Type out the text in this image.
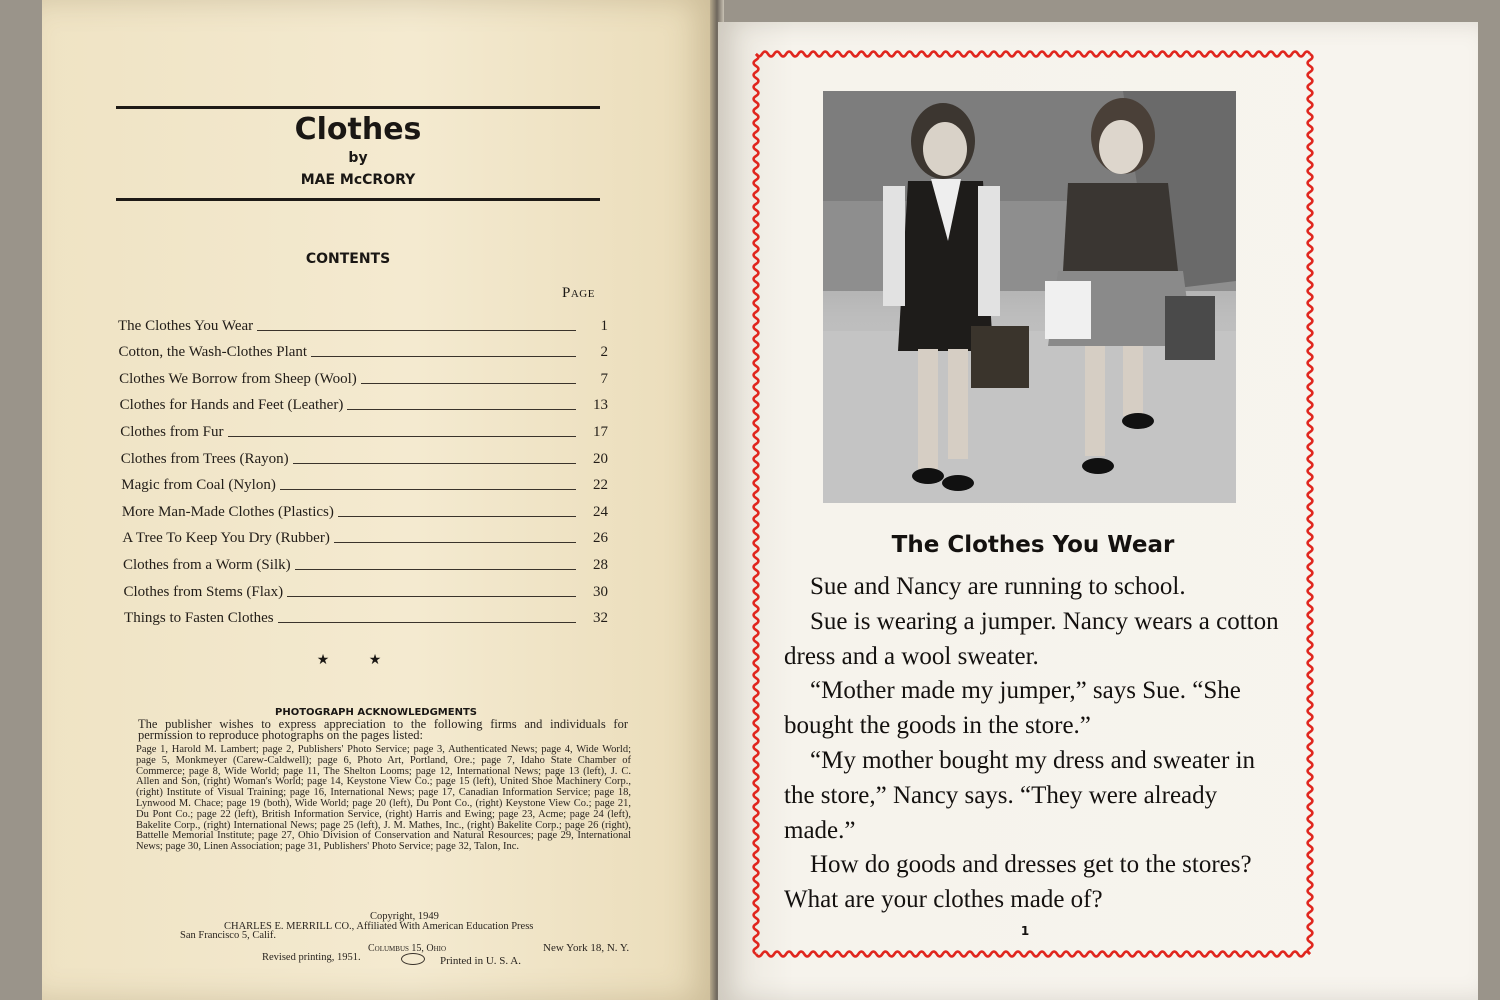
Clothes
by
MAE McCRORY
CONTENTS
Page
The Clothes You Wear	1
Cotton, the Wash-Clothes Plant	2
Clothes We Borrow from Sheep (Wool)	7
Clothes for Hands and Feet (Leather)	13
Clothes from Fur	17
Clothes from Trees (Rayon)	20
Magic from Coal (Nylon)	22
More Man-Made Clothes (Plastics)	24
A Tree To Keep You Dry (Rubber)	26
Clothes from a Worm (Silk)	28
Clothes from Stems (Flax)	30
Things to Fasten Clothes	32
★ ★
PHOTOGRAPH ACKNOWLEDGMENTS
The publisher wishes to express appreciation to the following firms and individuals for permission to reproduce photographs on the pages listed:
Page 1, Harold M. Lambert; page 2, Publishers' Photo Service; page 3, Authenticated News; page 4, Wide World; page 5, Monkmeyer (Carew-Caldwell); page 6, Photo Art, Portland, Ore.; page 7, Idaho State Chamber of Commerce; page 8, Wide World; page 11, The Shelton Looms; page 12, International News; page 13 (left), J. C. Allen and Son, (right) Woman's World; page 14, Keystone View Co.; page 15 (left), United Shoe Machinery Corp., (right) Institute of Visual Training; page 16, International News; page 17, Canadian Information Service; page 18, Lynwood M. Chace; page 19 (both), Wide World; page 20 (left), Du Pont Co., (right) Keystone View Co.; page 21, Du Pont Co.; page 22 (left), British Information Service, (right) Harris and Ewing; page 23, Acme; page 24 (left), Bakelite Corp., (right) International News; page 25 (left), J. M. Mathes, Inc., (right) Bakelite Corp.; page 26 (right), Battelle Memorial Institute; page 27, Ohio Division of Conservation and Natural Resources; page 29, International News; page 30, Linen Association; page 31, Publishers' Photo Service; page 32, Talon, Inc.
Copyright, 1949
CHARLES E. MERRILL CO., Affiliated With American Education Press
San Francisco 5, Calif.
Columbus 15, Ohio	New York 18, N. Y.
Revised printing, 1951.	Printed in U. S. A.
The Clothes You Wear

Sue and Nancy are running to school.

Sue is wearing a jumper. Nancy wears a cotton dress and a wool sweater.

“Mother made my jumper,” says Sue. “She bought the goods in the store.”

“My mother bought my dress and sweater in the store,” Nancy says. “They were already made.”

How do goods and dresses get to the stores? What are your clothes made of?

1
